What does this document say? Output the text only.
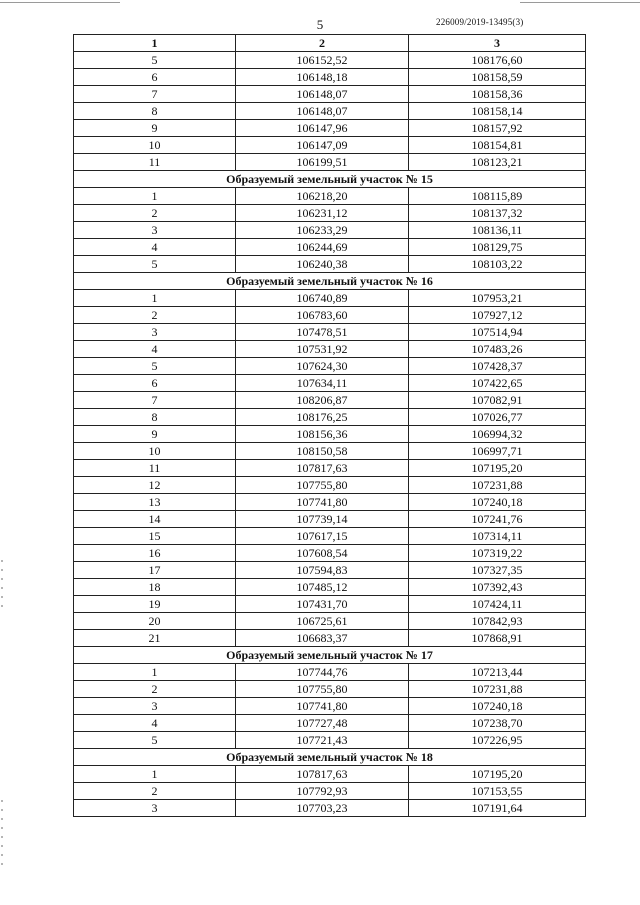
5	226009/2019-13495(3)
1	2	3
5	106152,52	108176,60
6	106148,18	108158,59
7	106148,07	108158,36
8	106148,07	108158,14
9	106147,96	108157,92
10	106147,09	108154,81
11	106199,51	108123,21
Образуемый земельный участок № 15		
1	106218,20	108115,89
2	106231,12	108137,32
3	106233,29	108136,11
4	106244,69	108129,75
5	106240,38	108103,22
Образуемый земельный участок № 16		
1	106740,89	107953,21
2	106783,60	107927,12
3	107478,51	107514,94
4	107531,92	107483,26
5	107624,30	107428,37
6	107634,11	107422,65
7	108206,87	107082,91
8	108176,25	107026,77
9	108156,36	106994,32
10	108150,58	106997,71
11	107817,63	107195,20
12	107755,80	107231,88
13	107741,80	107240,18
14	107739,14	107241,76
15	107617,15	107314,11
16	107608,54	107319,22
17	107594,83	107327,35
18	107485,12	107392,43
19	107431,70	107424,11
20	106725,61	107842,93
21	106683,37	107868,91
Образуемый земельный участок № 17		
1	107744,76	107213,44
2	107755,80	107231,88
3	107741,80	107240,18
4	107727,48	107238,70
5	107721,43	107226,95
Образуемый земельный участок № 18		
1	107817,63	107195,20
2	107792,93	107153,55
3	107703,23	107191,64
